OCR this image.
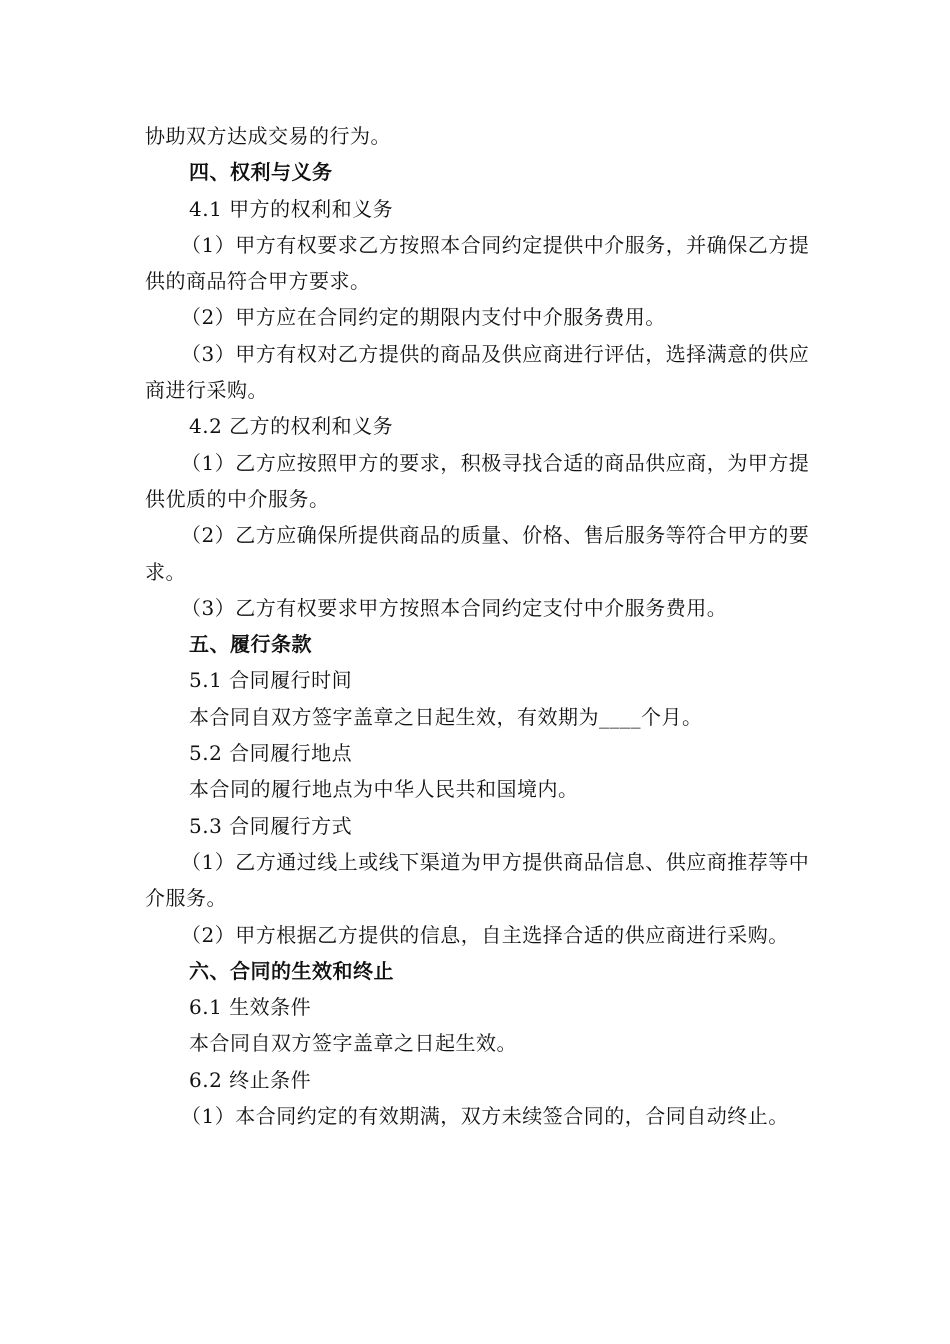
协助双方达成交易的行为。

四、权利与义务

4.1 甲方的权利和义务

（1）甲方有权要求乙方按照本合同约定提供中介服务，并确保乙方提供的商品符合甲方要求。

（2）甲方应在合同约定的期限内支付中介服务费用。

（3）甲方有权对乙方提供的商品及供应商进行评估，选择满意的供应商进行采购。

4.2 乙方的权利和义务

（1）乙方应按照甲方的要求，积极寻找合适的商品供应商，为甲方提供优质的中介服务。

（2）乙方应确保所提供商品的质量、价格、售后服务等符合甲方的要求。

（3）乙方有权要求甲方按照本合同约定支付中介服务费用。

五、履行条款

5.1 合同履行时间

本合同自双方签字盖章之日起生效，有效期为____个月。

5.2 合同履行地点

本合同的履行地点为中华人民共和国境内。

5.3 合同履行方式

（1）乙方通过线上或线下渠道为甲方提供商品信息、供应商推荐等中介服务。

（2）甲方根据乙方提供的信息，自主选择合适的供应商进行采购。

六、合同的生效和终止

6.1 生效条件

本合同自双方签字盖章之日起生效。

6.2 终止条件

（1）本合同约定的有效期满，双方未续签合同的，合同自动终止。
